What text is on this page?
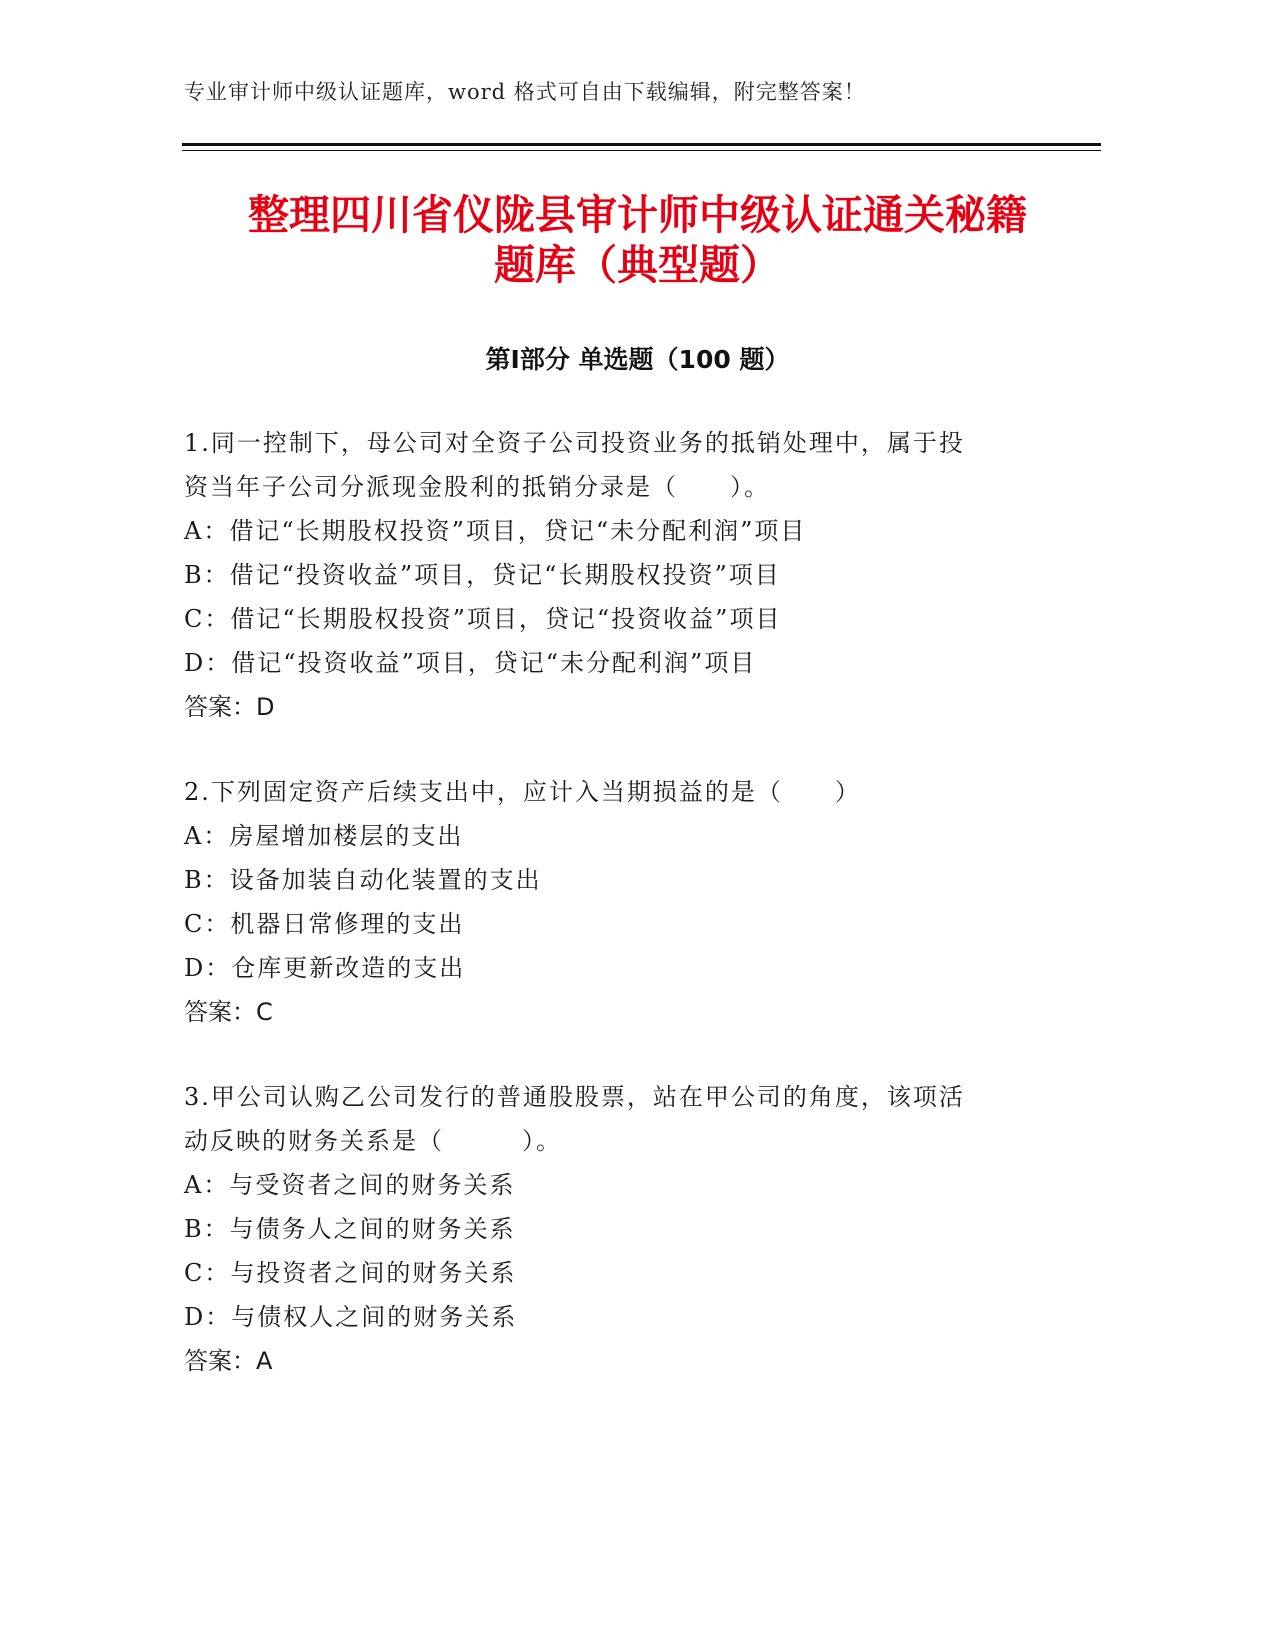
专业审计师中级认证题库，word 格式可自由下载编辑，附完整答案！
整理四川省仪陇县审计师中级认证通关秘籍
题库（典型题）
第Ⅰ部分 单选题（100 题）
1.同一控制下，母公司对全资子公司投资业务的抵销处理中，属于投
资当年子公司分派现金股利的抵销分录是（　　）。
A：借记“长期股权投资”项目，贷记“未分配利润”项目
B：借记“投资收益”项目，贷记“长期股权投资”项目
C：借记“长期股权投资”项目，贷记“投资收益”项目
D：借记“投资收益”项目，贷记“未分配利润”项目
答案：D
2.下列固定资产后续支出中，应计入当期损益的是（　　）
A：房屋增加楼层的支出
B：设备加装自动化装置的支出
C：机器日常修理的支出
D：仓库更新改造的支出
答案：C
3.甲公司认购乙公司发行的普通股股票，站在甲公司的角度，该项活
动反映的财务关系是（　　　）。
A：与受资者之间的财务关系
B：与债务人之间的财务关系
C：与投资者之间的财务关系
D：与债权人之间的财务关系
答案：A
